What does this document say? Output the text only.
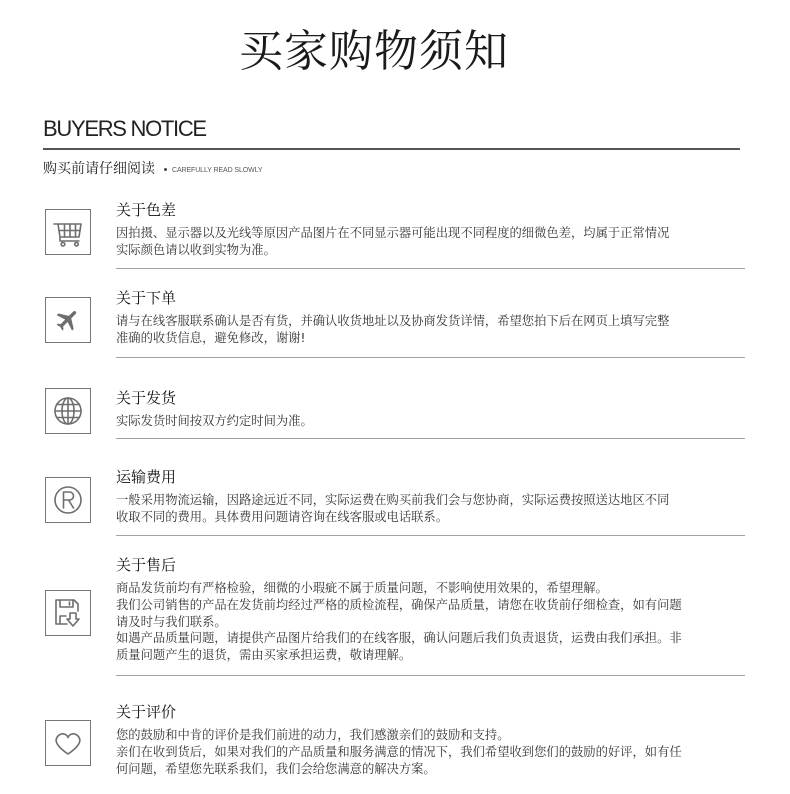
买家购物须知
BUYERS NOTICE
购买前请仔细阅读 CAREFULLY READ SLOWLY
关于色差
因拍摄、显示器以及光线等原因产品图片在不同显示器可能出现不同程度的细微色差，均属于正常情况
实际颜色请以收到实物为准。
关于下单
请与在线客服联系确认是否有货，并确认收货地址以及协商发货详情，希望您拍下后在网页上填写完整
准确的收货信息，避免修改，谢谢!
关于发货
实际发货时间按双方约定时间为准。
运输费用
一般采用物流运输，因路途远近不同，实际运费在购买前我们会与您协商，实际运费按照送达地区不同
收取不同的费用。具体费用问题请咨询在线客服或电话联系。
关于售后
商品发货前均有严格检验，细微的小瑕疵不属于质量问题，不影响使用效果的，希望理解。
我们公司销售的产品在发货前均经过严格的质检流程，确保产品质量，请您在收货前仔细检查，如有问题
请及时与我们联系。
如遇产品质量问题，请提供产品图片给我们的在线客服，确认问题后我们负责退货，运费由我们承担。非
质量问题产生的退货，需由买家承担运费，敬请理解。
关于评价
您的鼓励和中肯的评价是我们前进的动力，我们感激亲们的鼓励和支持。
亲们在收到货后，如果对我们的产品质量和服务满意的情况下，我们希望收到您们的鼓励的好评，如有任
何问题，希望您先联系我们，我们会给您满意的解决方案。
